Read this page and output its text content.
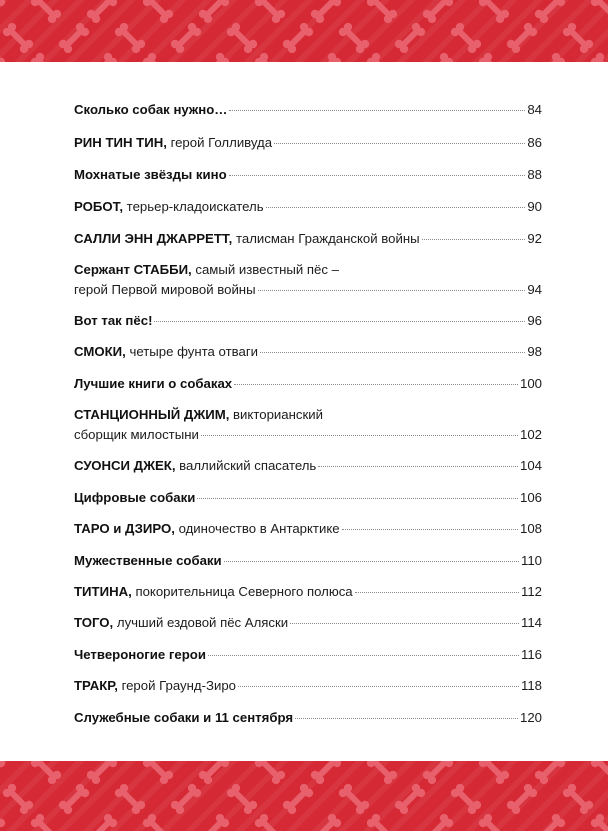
Сколько собак нужно…	84
РИН ТИН ТИН, герой Голливуда	86
Мохнатые звёзды кино	88
РОБОТ, терьер-кладоискатель	90
САЛЛИ ЭНН ДЖАРРЕТТ, талисман Гражданской войны	92
Сержант СТАББИ, самый известный пёс –
герой Первой мировой войны	94
Вот так пёс!	96
СМОКИ, четыре фунта отваги	98
Лучшие книги о собаках	100
СТАНЦИОННЫЙ ДЖИМ, викторианский
сборщик милостыни	102
СУОНСИ ДЖЕК, валлийский спасатель	104
Цифровые собаки	106
ТАРО и ДЗИРО, одиночество в Антарктике	108
Мужественные собаки	110
ТИТИНА, покорительница Северного полюса	112
ТОГО, лучший ездовой пёс Аляски	114
Четвероногие герои	116
ТРАКР, герой Граунд-Зиро	118
Служебные собаки и 11 сентября	120
